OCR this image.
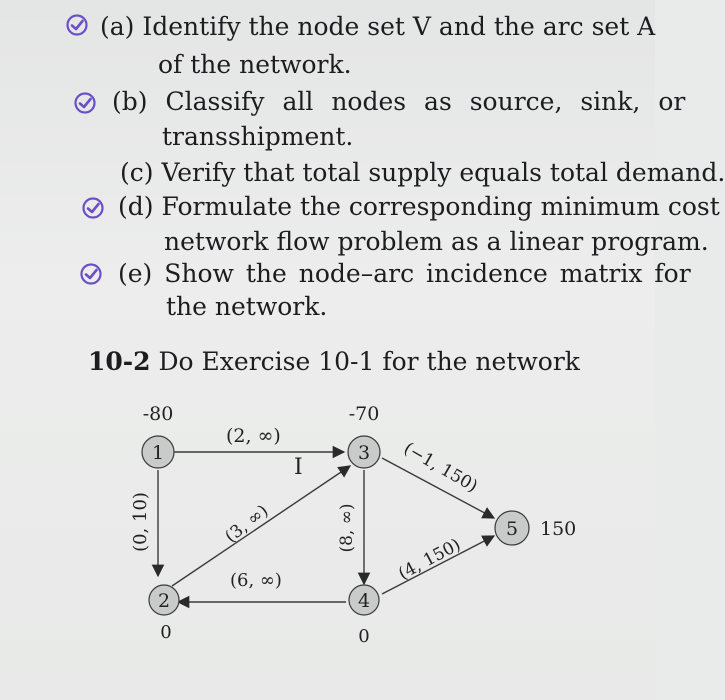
(a) Identify the node set V and the arc set A
of the network.
(b) Classify all nodes as source, sink, or
transshipment.
(c) Verify that total supply equals total demand.
(d) Formulate the corresponding minimum cost
network flow problem as a linear program.
(e) Show the node–arc incidence matrix for
the network.
10-2 Do Exercise 10-1 for the network
I
1
-80
2
0
3
-70
4
0
5 150
(2, ∞)
(0, 10)	(3, ∞)
(6, ∞)
(8, ∞)
(−1, 150)
(4, 150)
